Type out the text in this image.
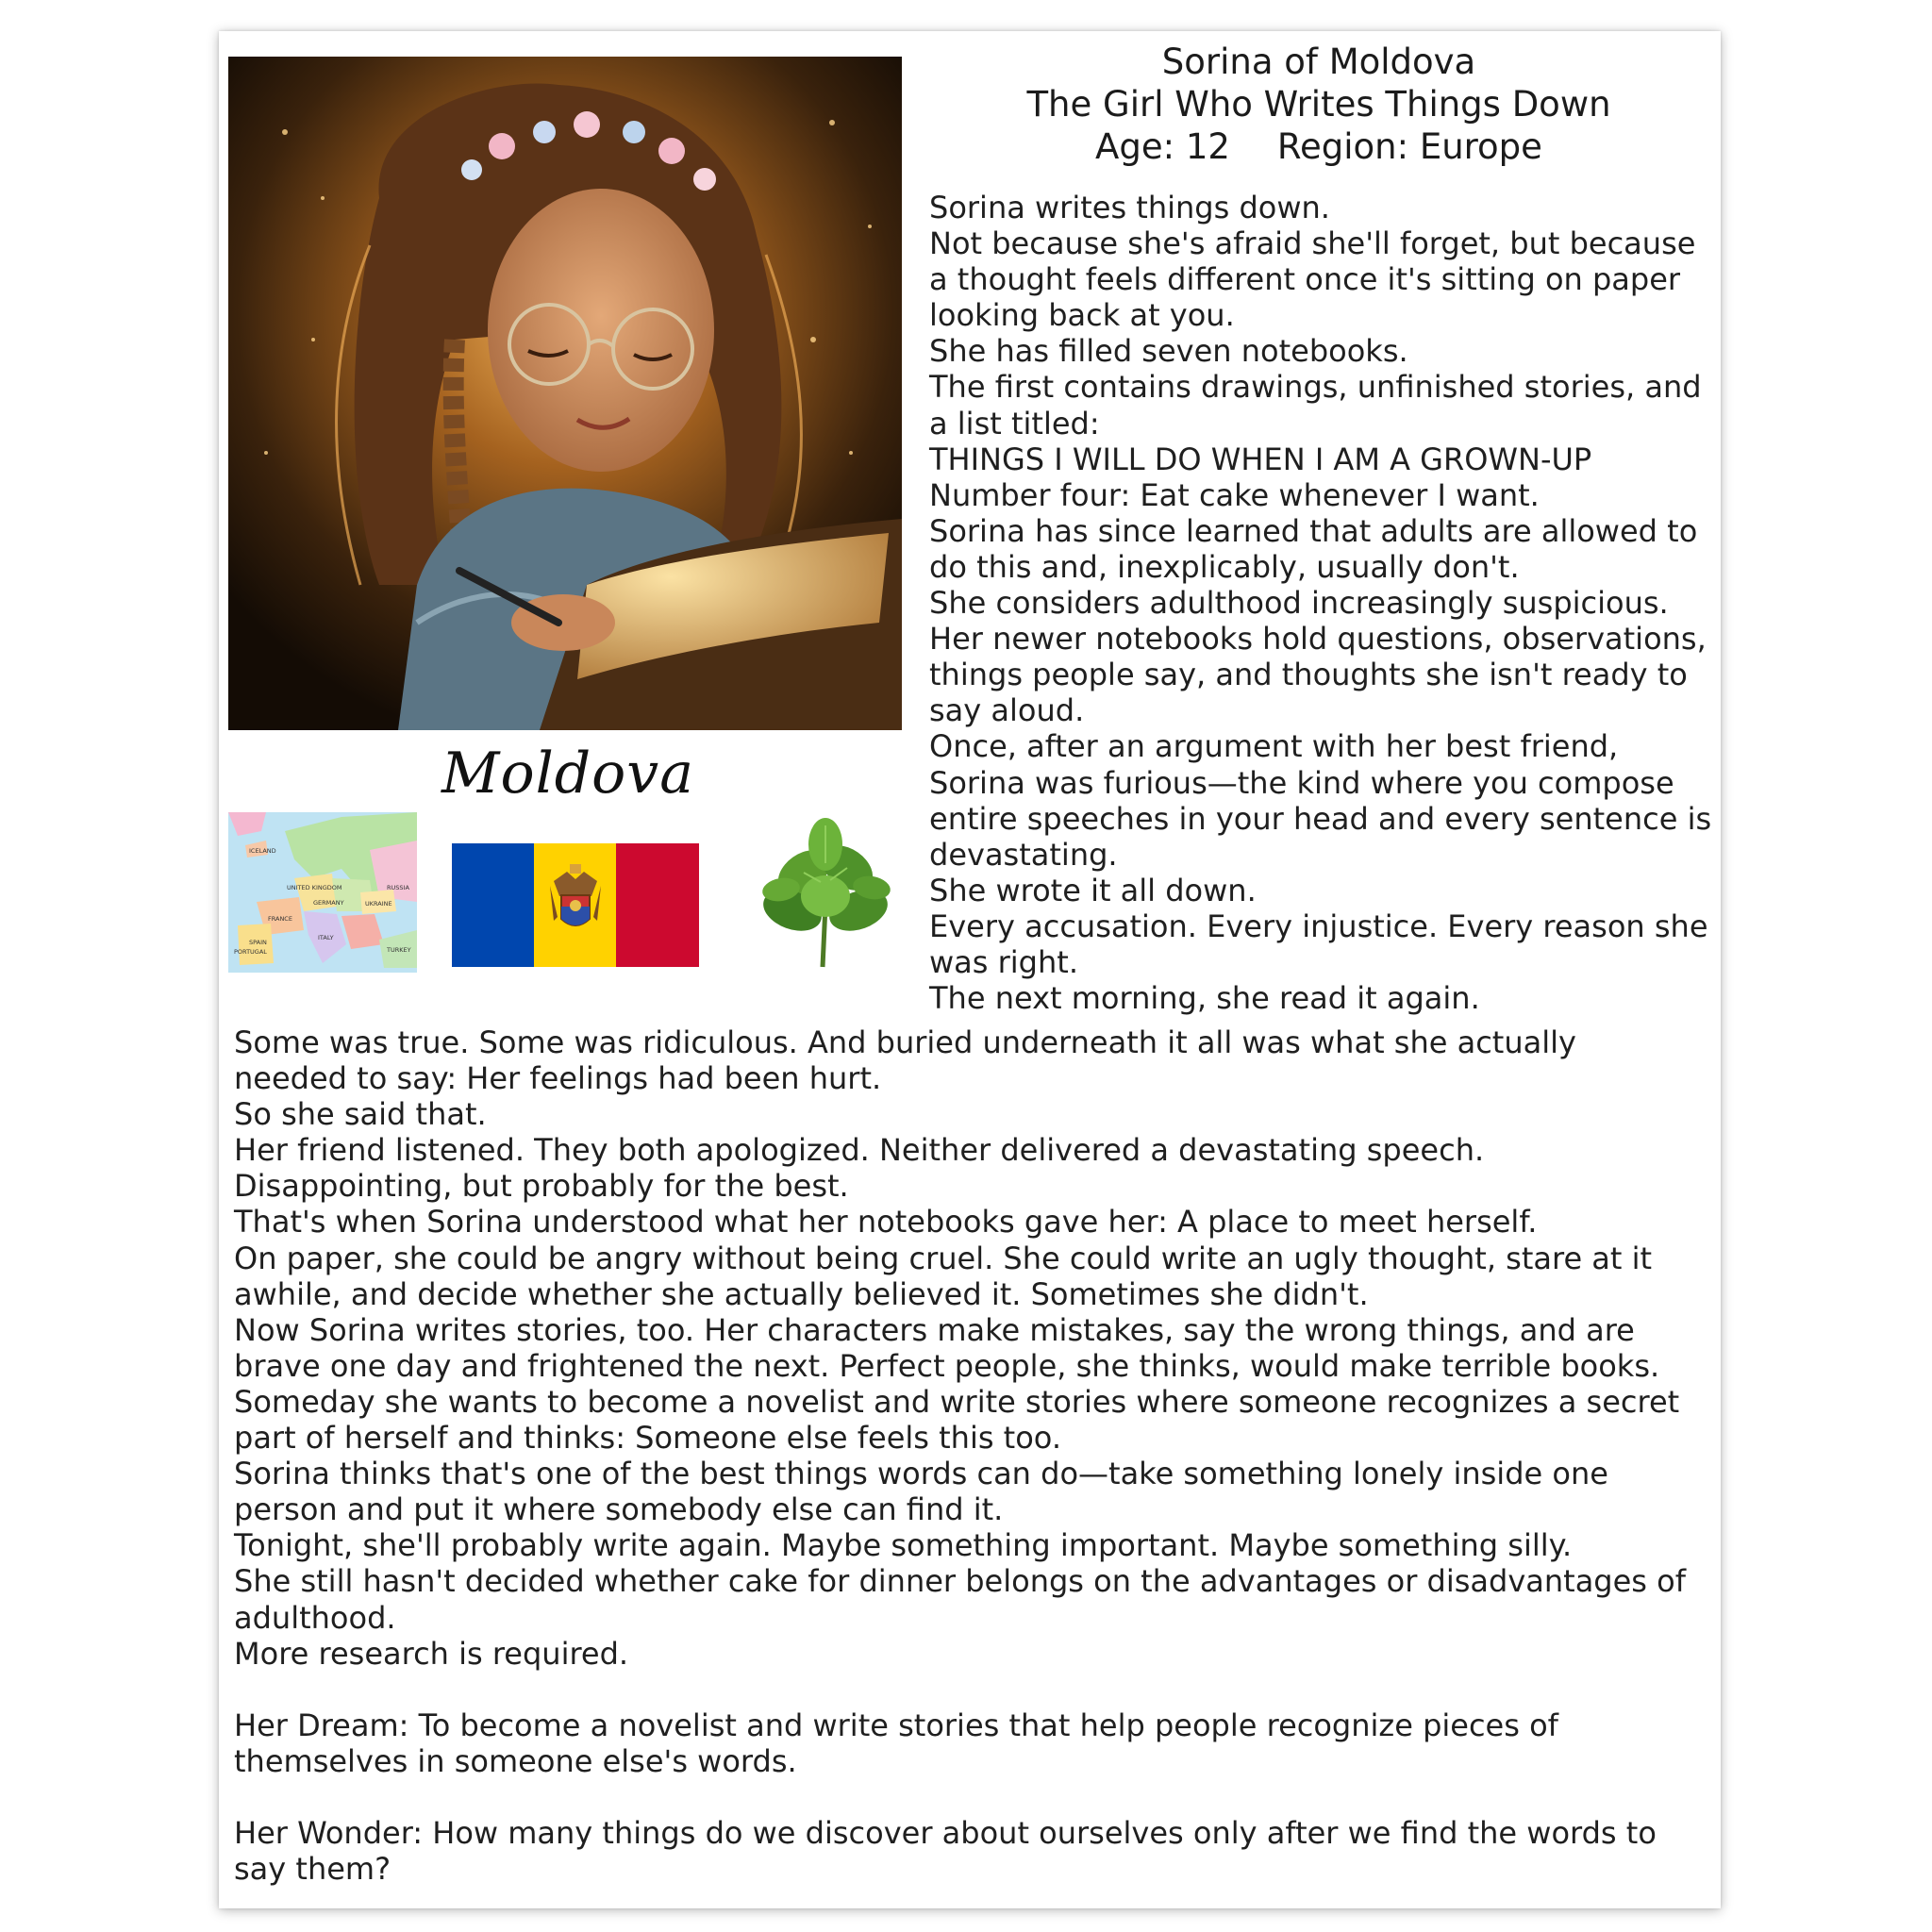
Sorina of Moldova
The Girl Who Writes Things Down
Age: 12 Region: Europe

Sorina writes things down.

Not because she's afraid she'll forget, but because a thought feels different once it's sitting on paper looking back at you.

She has filled seven notebooks.

The first contains drawings, unfinished stories, and a list titled:

THINGS I WILL DO WHEN I AM A GROWN-UP

Number four: Eat cake whenever I want.

Sorina has since learned that adults are allowed to do this and, inexplicably, usually don't.

She considers adulthood increasingly suspicious.

Her newer notebooks hold questions, observations, things people say, and thoughts she isn't ready to say aloud.

Once, after an argument with her best friend, Sorina was furious—the kind where you compose entire speeches in your head and every sentence is devastating.

She wrote it all down.

Every accusation. Every injustice. Every reason she was right.

The next morning, she read it again.

Moldova
ICELAND
RUSSIA
UNITED KINGDOM
GERMANY	UKRAINE
FRANCE
SPAIN
PORTUGAL
ITALY
TURKEY

Some was true. Some was ridiculous. And buried underneath it all was what she actually needed to say: Her feelings had been hurt.

So she said that.

Her friend listened. They both apologized. Neither delivered a devastating speech.

Disappointing, but probably for the best.

That's when Sorina understood what her notebooks gave her: A place to meet herself.

On paper, she could be angry without being cruel. She could write an ugly thought, stare at it awhile, and decide whether she actually believed it. Sometimes she didn't.

Now Sorina writes stories, too. Her characters make mistakes, say the wrong things, and are brave one day and frightened the next. Perfect people, she thinks, would make terrible books.

Someday she wants to become a novelist and write stories where someone recognizes a secret part of herself and thinks: Someone else feels this too.

Sorina thinks that's one of the best things words can do—take something lonely inside one person and put it where somebody else can find it.

Tonight, she'll probably write again. Maybe something important. Maybe something silly.

She still hasn't decided whether cake for dinner belongs on the advantages or disadvantages of adulthood.

More research is required.

Her Dream: To become a novelist and write stories that help people recognize pieces of themselves in someone else's words.

Her Wonder: How many things do we discover about ourselves only after we find the words to say them?
